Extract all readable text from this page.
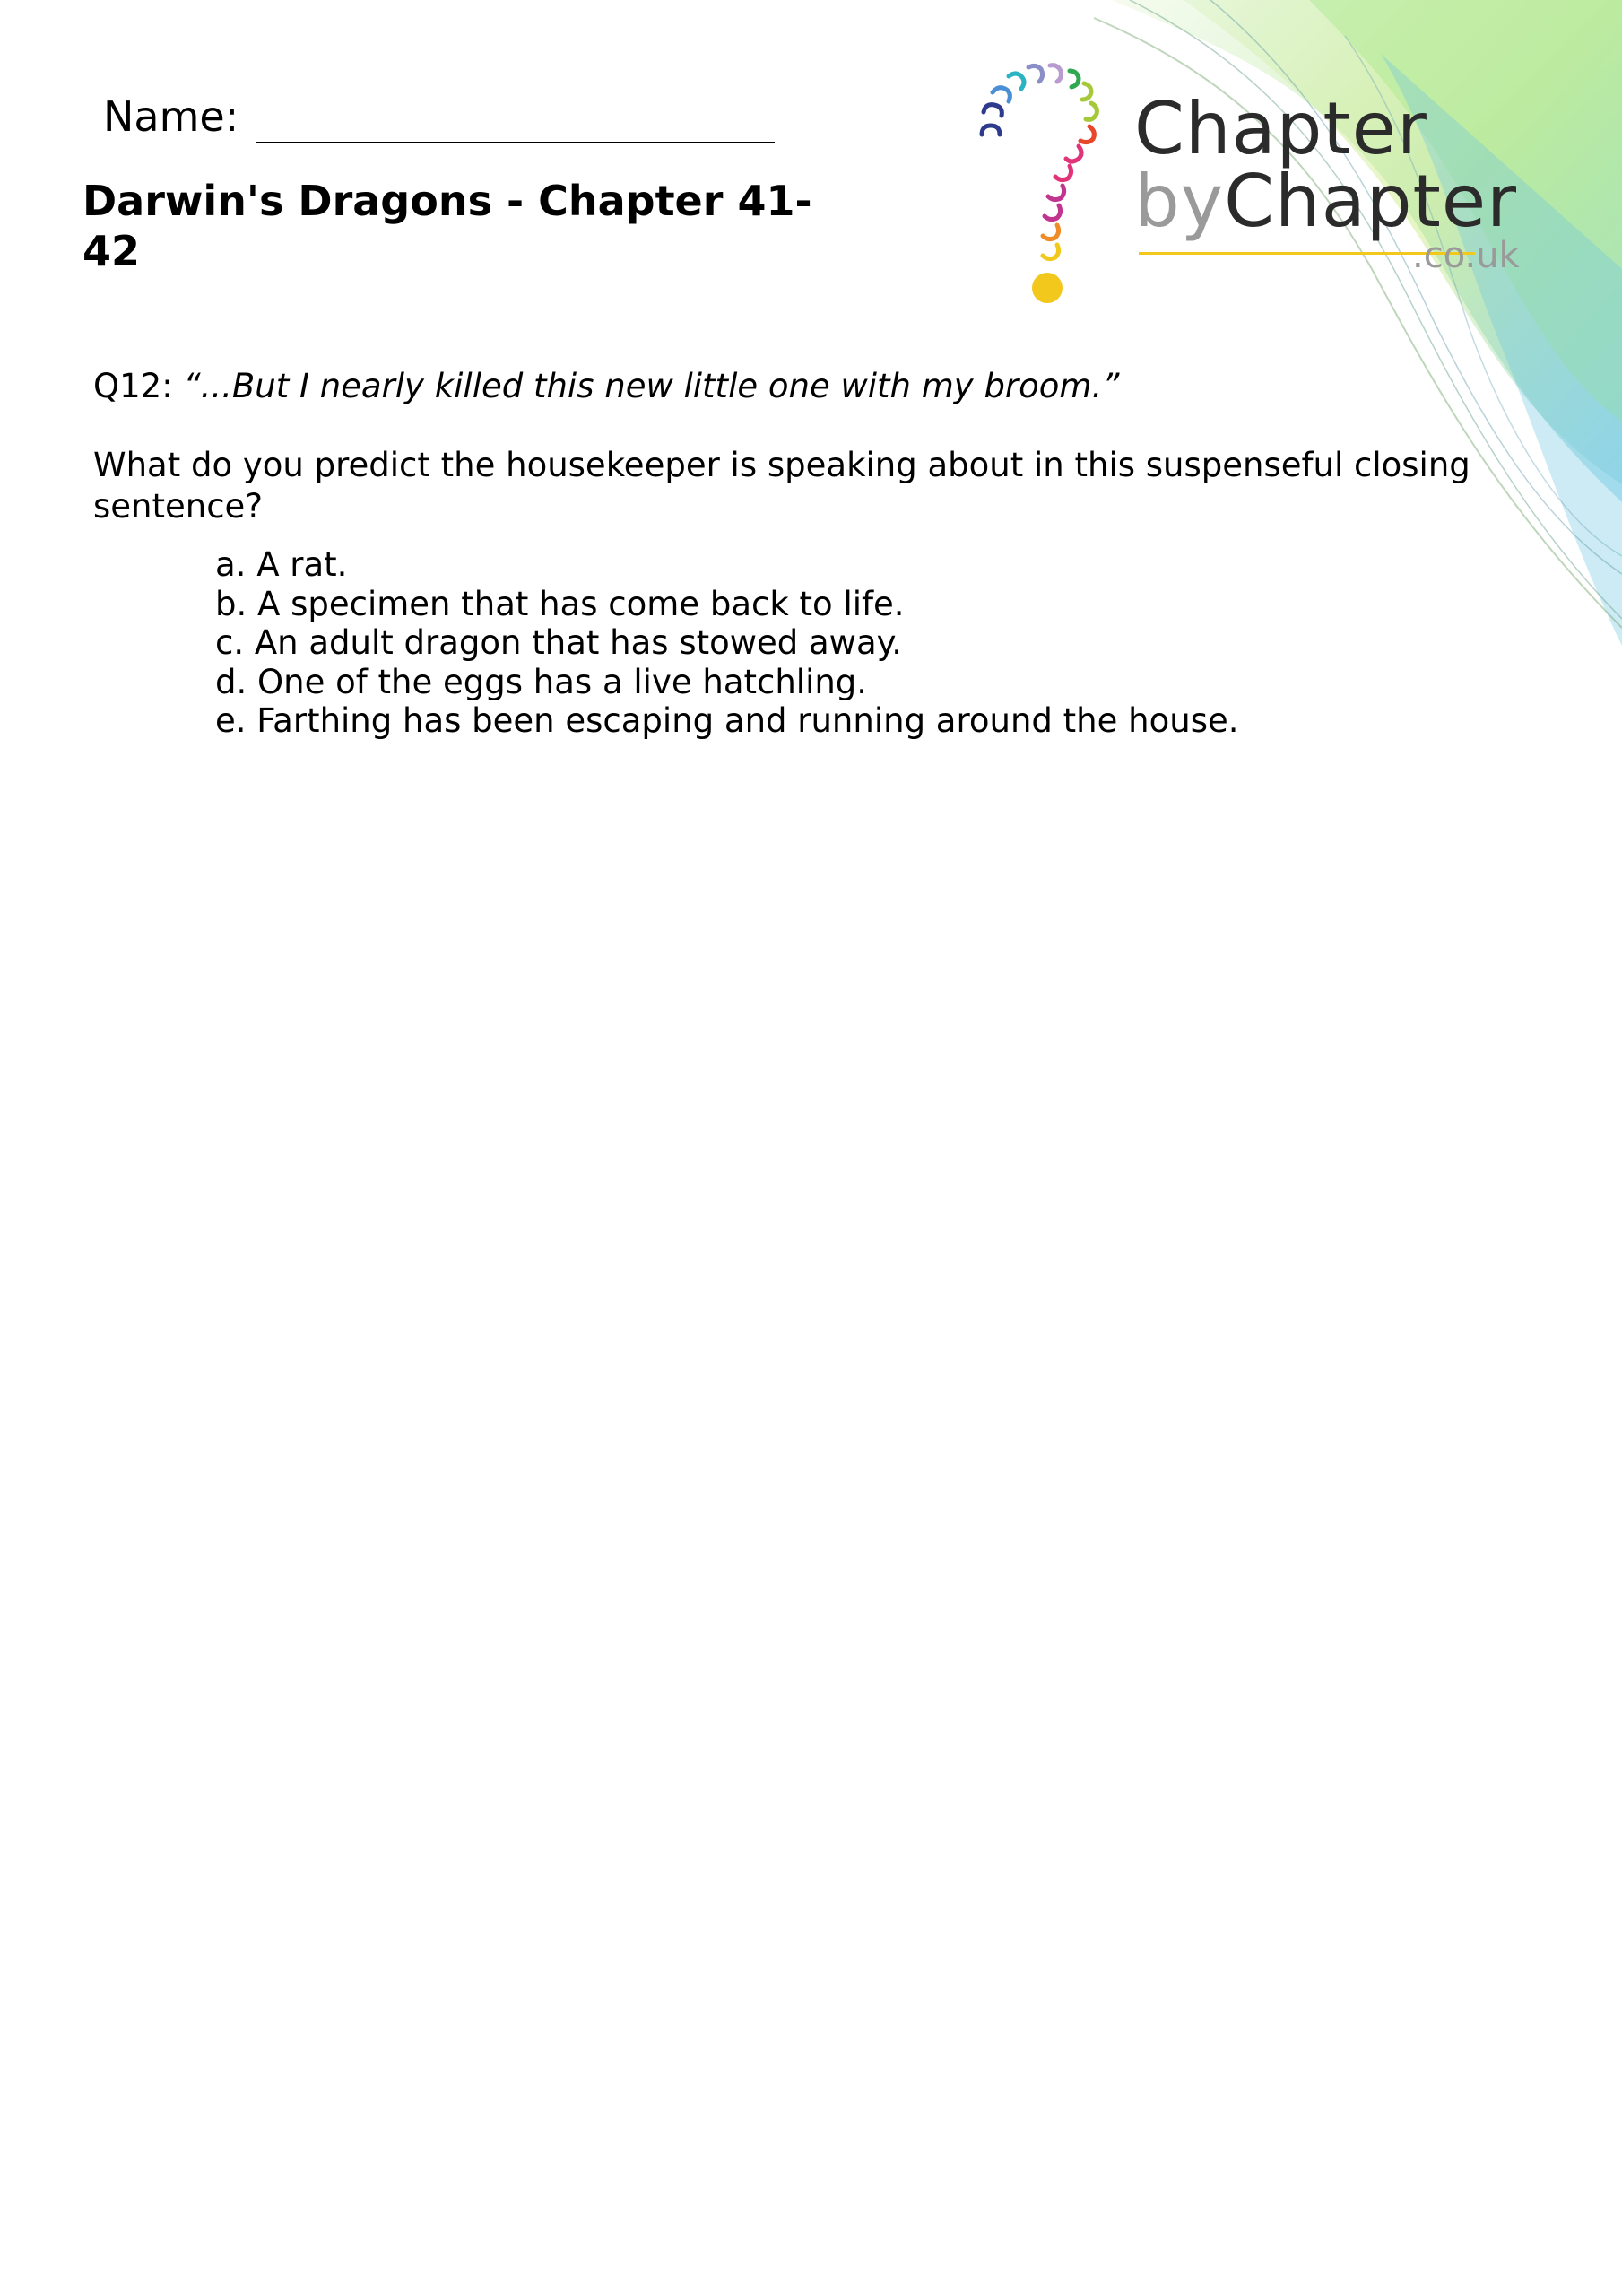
Name:
Darwin's Dragons - Chapter 41-42
Chapter
byChapter
.co.uk

Q12: “...But I nearly killed this new little one with my broom.”

What do you predict the housekeeper is speaking about in this suspenseful closing sentence?

a. A rat.
b. A specimen that has come back to life.
c. An adult dragon that has stowed away.
d. One of the eggs has a live hatchling.
e. Farthing has been escaping and running around the house.
